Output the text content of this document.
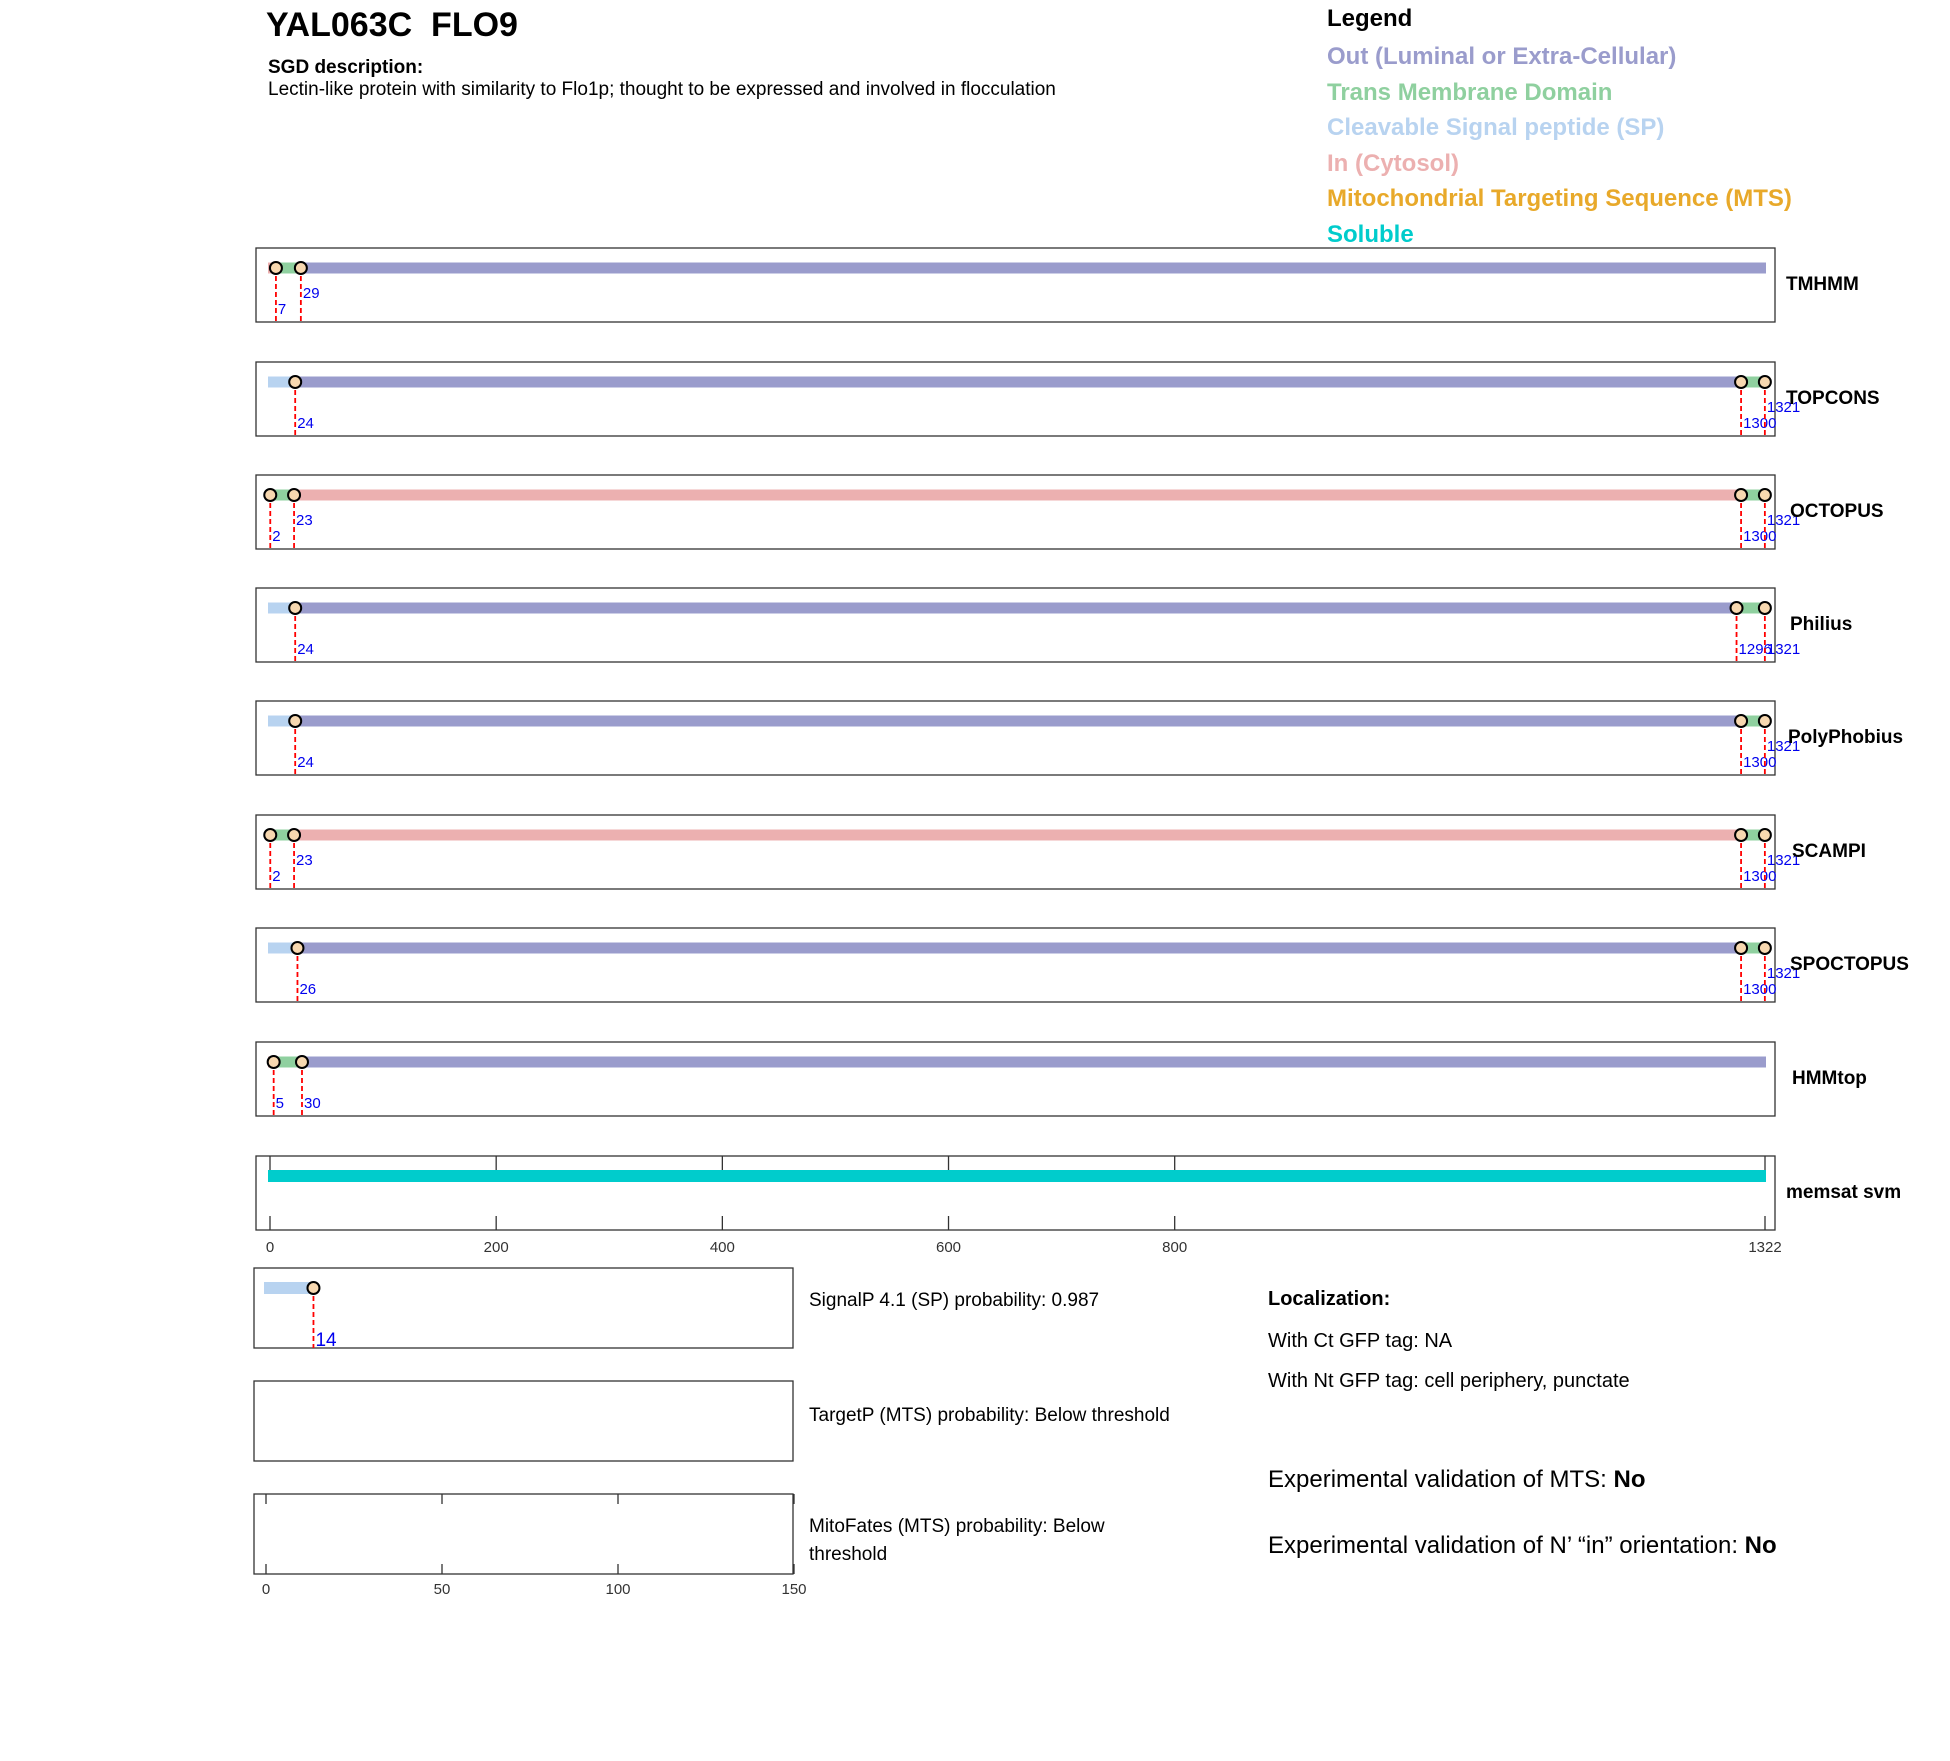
YAL063C  FLO9
SGD description:
Lectin-like protein with similarity to Flo1p; thought to be expressed and involved in flocculation
Legend
Out (Luminal or Extra-Cellular)
Trans Membrane Domain
Cleavable Signal peptide (SP)
In (Cytosol)
Mitochondrial Targeting Sequence (MTS)
Soluble
7
29	TMHMM
24	1300
1321
TOPCONS
2
23
1300
1321
OCTOPUS
24	1296
1321
Philius
24	1300
1321
PolyPhobius
2
23
1300
1321
SCAMPI
26	1300
1321
SPOCTOPUS
5 30
HMMtop
memsat svm
0	200	400	600	800	1322
14
0	50	100	150
SignalP 4.1 (SP) probability: 0.987
TargetP (MTS) probability: Below threshold
MitoFates (MTS) probability: Below
threshold
Localization:
With Ct GFP tag: NA
With Nt GFP tag: cell periphery, punctate
Experimental validation of MTS: No
Experimental validation of N’ “in” orientation: No
